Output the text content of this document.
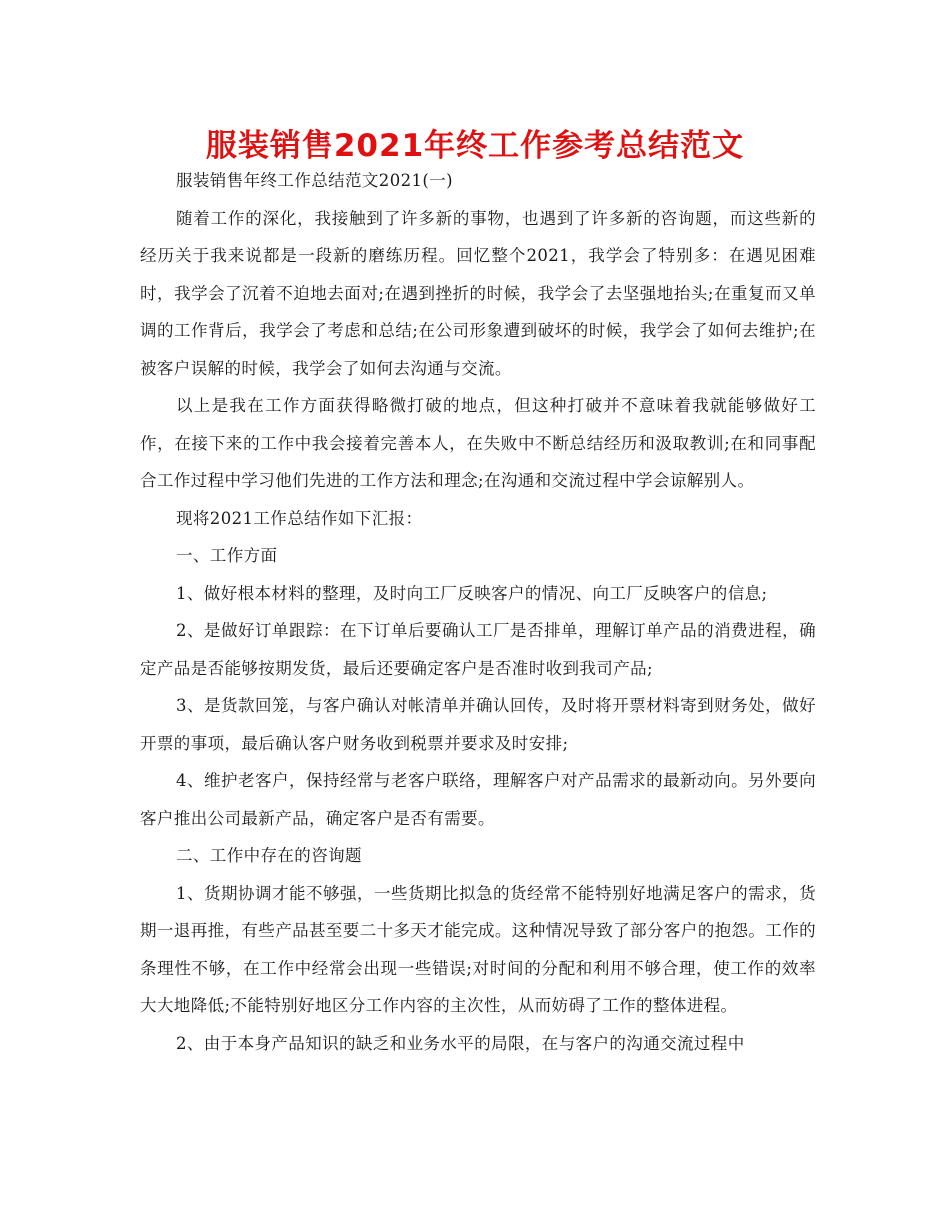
服装销售2021年终工作参考总结范文

服装销售年终工作总结范文2021(一)

随着工作的深化，我接触到了许多新的事物，也遇到了许多新的咨询题，而这些新的经历关于我来说都是一段新的磨练历程。回忆整个2021，我学会了特别多：在遇见困难时，我学会了沉着不迫地去面对;在遇到挫折的时候，我学会了去坚强地抬头;在重复而又单调的工作背后，我学会了考虑和总结;在公司形象遭到破坏的时候，我学会了如何去维护;在被客户误解的时候，我学会了如何去沟通与交流。

以上是我在工作方面获得略微打破的地点，但这种打破并不意味着我就能够做好工作，在接下来的工作中我会接着完善本人，在失败中不断总结经历和汲取教训;在和同事配合工作过程中学习他们先进的工作方法和理念;在沟通和交流过程中学会谅解别人。

现将2021工作总结作如下汇报：

一、工作方面

1、做好根本材料的整理，及时向工厂反映客户的情况、向工厂反映客户的信息;

2、是做好订单跟踪：在下订单后要确认工厂是否排单，理解订单产品的消费进程，确定产品是否能够按期发货，最后还要确定客户是否准时收到我司产品;

3、是货款回笼，与客户确认对帐清单并确认回传，及时将开票材料寄到财务处，做好开票的事项，最后确认客户财务收到税票并要求及时安排;

4、维护老客户，保持经常与老客户联络，理解客户对产品需求的最新动向。另外要向客户推出公司最新产品，确定客户是否有需要。

二、工作中存在的咨询题

1、货期协调才能不够强，一些货期比拟急的货经常不能特别好地满足客户的需求，货期一退再推，有些产品甚至要二十多天才能完成。这种情况导致了部分客户的抱怨。工作的条理性不够，在工作中经常会出现一些错误;对时间的分配和利用不够合理，使工作的效率大大地降低;不能特别好地区分工作内容的主次性，从而妨碍了工作的整体进程。

2、由于本身产品知识的缺乏和业务水平的局限，在与客户的沟通交流过程中
